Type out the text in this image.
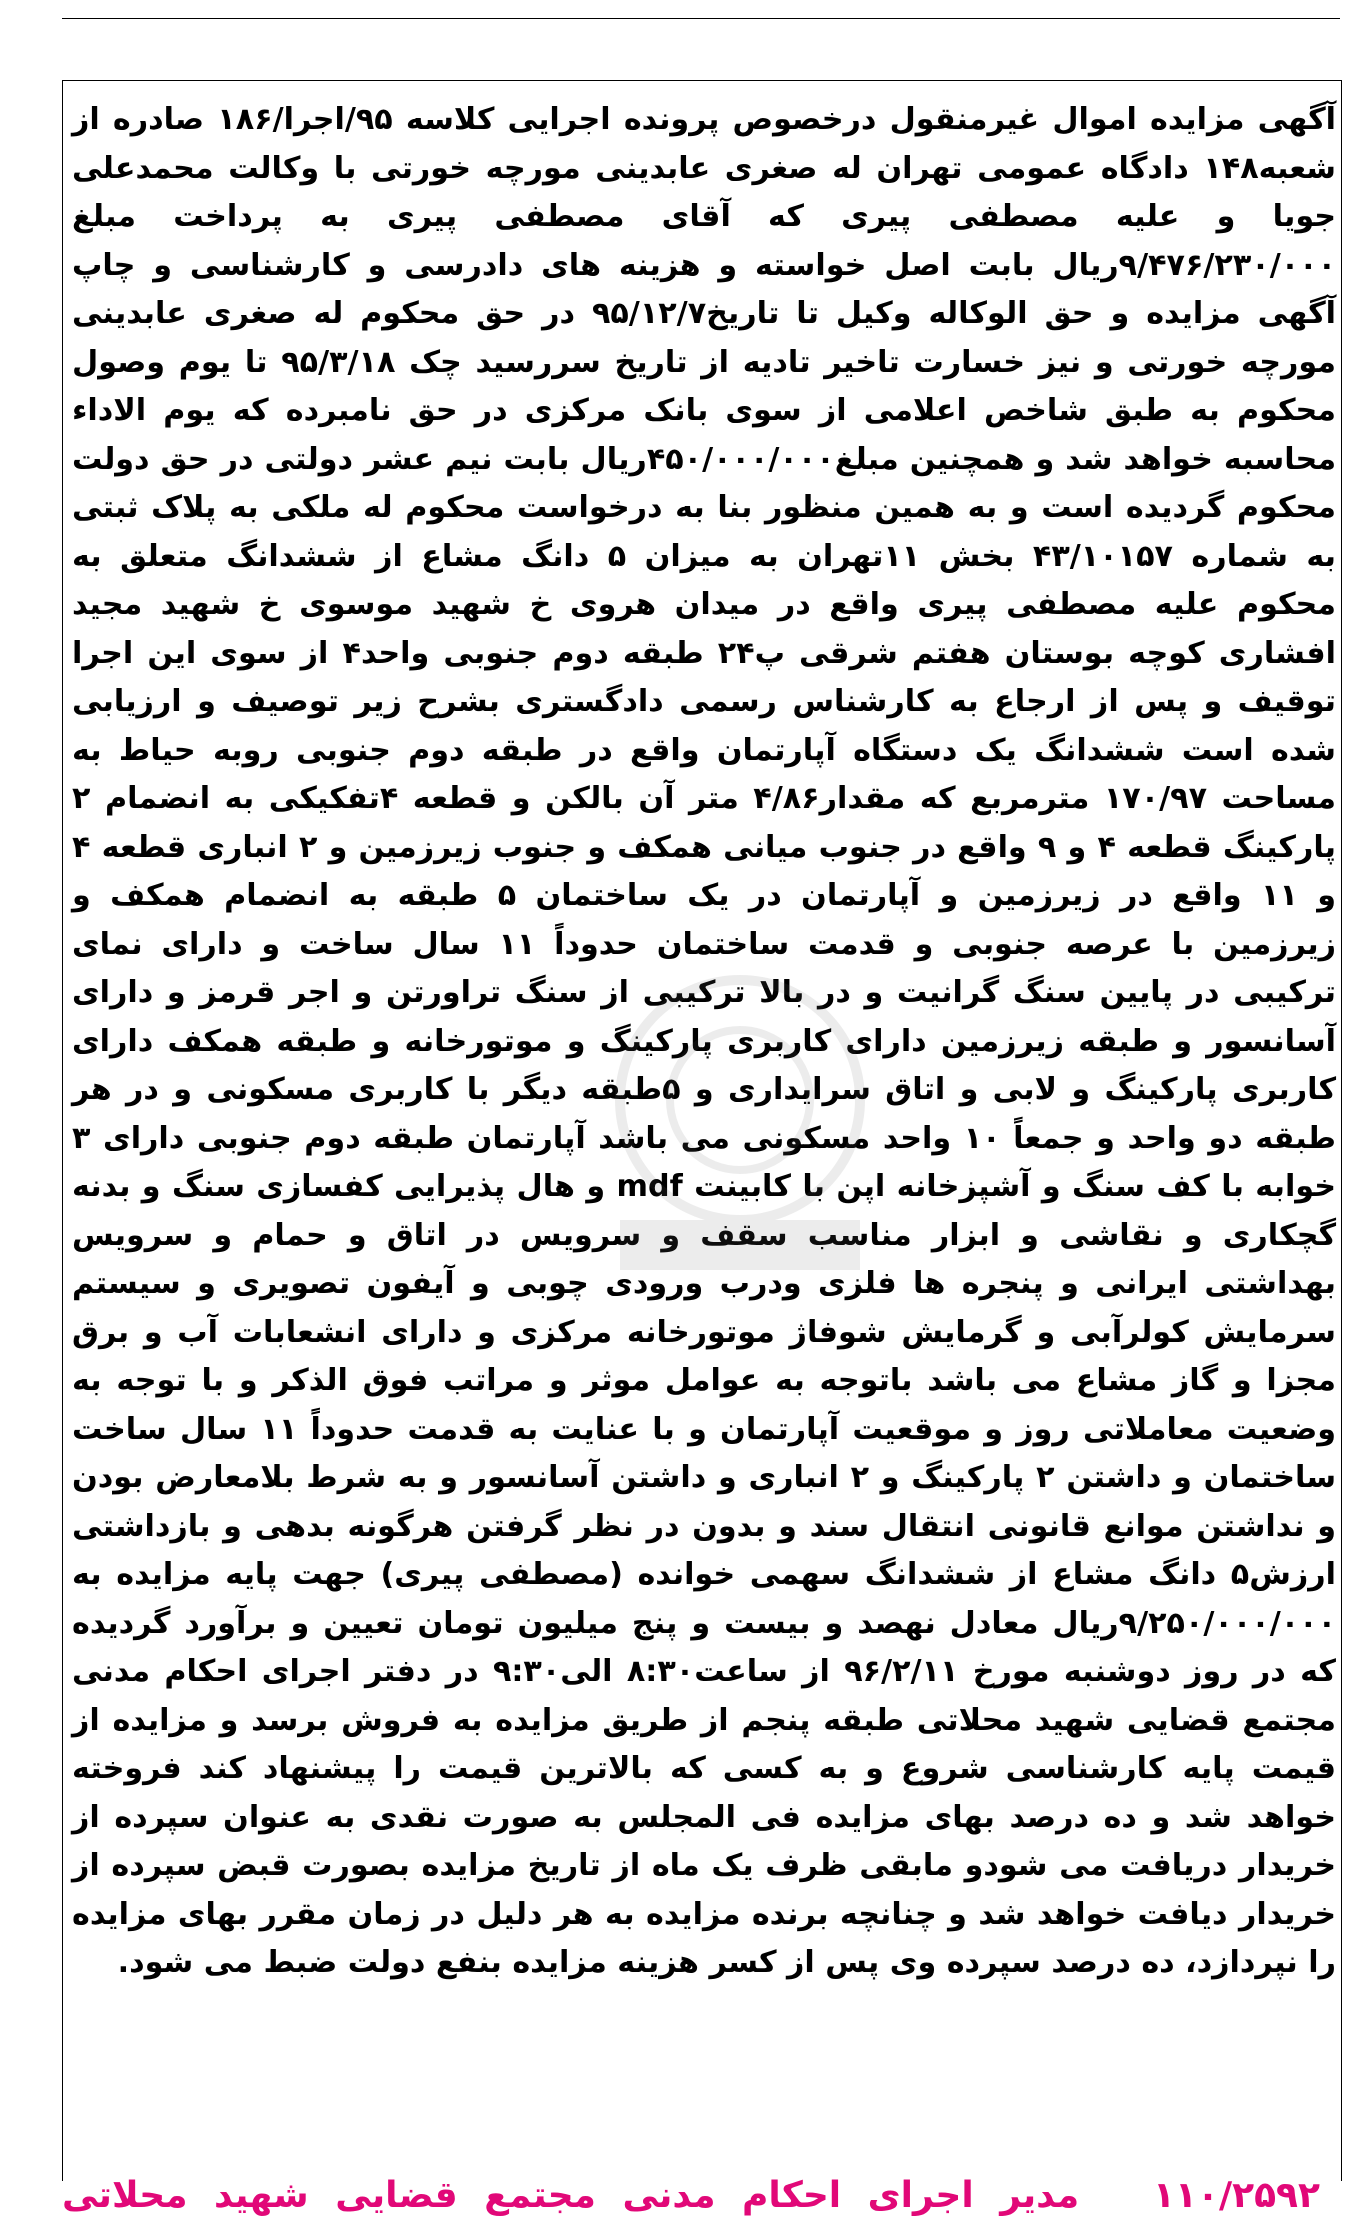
آگهی مزایده اموال غیرمنقول درخصوص پرونده اجرایی کلاسه ۹۵/اجرا/۱۸۶ صادره از شعبه۱۴۸ دادگاه عمومی تهران له صغری عابدینی مورچه خورتی با وکالت محمدعلی جویا و علیه مصطفی پیری که آقای مصطفی پیری به پرداخت مبلغ ۹/۴۷۶/۲۳۰/۰۰۰ریال بابت اصل خواسته و هزینه های دادرسی و کارشناسی و چاپ آگهی مزایده و حق الوکاله وکیل تا تاریخ۹۵/۱۲/۷ در حق محکوم له صغری عابدینی مورچه خورتی و نیز خسارت تاخیر تادیه از تاریخ سررسید چک ۹۵/۳/۱۸ تا یوم وصول محکوم به طبق شاخص اعلامی از سوی بانک مرکزی در حق نامبرده که یوم الاداء محاسبه خواهد شد و همچنین مبلغ۴۵۰/۰۰۰/۰۰۰ریال بابت نیم عشر دولتی در حق دولت محکوم گردیده است و به همین منظور بنا به درخواست محکوم له ملکی به پلاک ثبتی به شماره ۴۳/۱۰۱۵۷ بخش ۱۱تهران به میزان ۵ دانگ مشاع از ششدانگ متعلق به محکوم علیه مصطفی پیری واقع در میدان هروی خ شهید موسوی خ شهید مجید افشاری کوچه بوستان هفتم شرقی پ۲۴ طبقه دوم جنوبی واحد۴ از سوی این اجرا توقیف و پس از ارجاع به کارشناس رسمی دادگستری بشرح زیر توصیف و ارزیابی شده است ششدانگ یک دستگاه آپارتمان واقع در طبقه دوم جنوبی روبه حیاط به مساحت ۱۷۰/۹۷ مترمربع که مقدار۴/۸۶ متر آن بالکن و قطعه ۴تفکیکی به انضمام ۲ پارکینگ قطعه ۴ و ۹ واقع در جنوب میانی همکف و جنوب زیرزمین و ۲ انباری قطعه ۴ و ۱۱ واقع در زیرزمین و آپارتمان در یک ساختمان ۵ طبقه به انضمام همکف و زیرزمین با عرصه جنوبی و قدمت ساختمان حدوداً ۱۱ سال ساخت و دارای نمای ترکیبی در پایین سنگ گرانیت و در بالا ترکیبی از سنگ تراورتن و اجر قرمز و دارای آسانسور و طبقه زیرزمین دارای کاربری پارکینگ و موتورخانه و طبقه همکف دارای کاربری پارکینگ و لابی و اتاق سرایداری و ۵طبقه دیگر با کاربری مسکونی و در هر طبقه دو واحد و جمعاً ۱۰ واحد مسکونی می باشد آپارتمان طبقه دوم جنوبی دارای ۳ خوابه با کف سنگ و آشپزخانه اپن با کابینت mdf و هال پذیرایی کفسازی سنگ و بدنه گچکاری و نقاشی و ابزار مناسب سقف و سرویس در اتاق و حمام و سرویس بهداشتی ایرانی و پنجره ها فلزی ودرب ورودی چوبی و آیفون تصویری و سیستم سرمایش کولرآبی و گرمایش شوفاژ موتورخانه مرکزی و دارای انشعابات آب و برق مجزا و گاز مشاع می باشد باتوجه به عوامل موثر و مراتب فوق الذکر و با توجه به وضعیت معاملاتی روز و موقعیت آپارتمان و با عنایت به قدمت حدوداً ۱۱ سال ساخت ساختمان و داشتن ۲ پارکینگ و ۲ انباری و داشتن آسانسور و به شرط بلامعارض بودن و نداشتن موانع قانونی انتقال سند و بدون در نظر گرفتن هرگونه بدهی و بازداشتی ارزش۵ دانگ مشاع از ششدانگ سهمی خوانده (مصطفی پیری) جهت پایه مزایده به ۹/۲۵۰/۰۰۰/۰۰۰ریال معادل نهصد و بیست و پنج میلیون تومان تعیین و برآورد گردیده که در روز دوشنبه مورخ ۹۶/۲/۱۱ از ساعت۸:۳۰ الی۹:۳۰ در دفتر اجرای احکام مدنی مجتمع قضایی شهید محلاتی طبقه پنجم از طریق مزایده به فروش برسد و مزایده از قیمت پایه کارشناسی شروع و به کسی که بالاترین قیمت را پیشنهاد کند فروخته خواهد شد و ده درصد بهای مزایده فی المجلس به صورت نقدی به عنوان سپرده از خریدار دریافت می شودو مابقی ظرف یک ماه از تاریخ مزایده بصورت قبض سپرده از خریدار دیافت خواهد شد و چنانچه برنده مزایده به هر دلیل در زمان مقرر بهای مزایده را نپردازد، ده درصد سپرده وی پس از کسر هزینه مزایده بنفع دولت ضبط می شود.

مدیر اجرای احکام مدنی مجتمع قضایی شهید محلاتی ۱۱۰/۲۵۹۲
